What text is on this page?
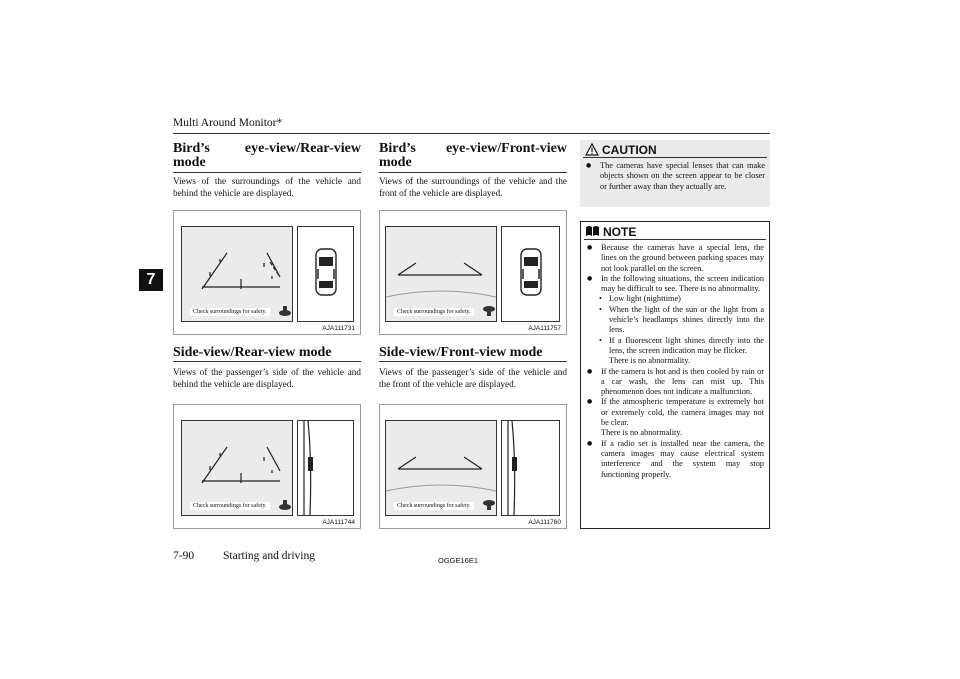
Multi Around Monitor*
7
Bird’s	eye-view/Rear-view
mode
Views of the surroundings of the vehicle and behind the vehicle are displayed.
Check surroundings for safety.
AJA111731
Bird’s eye-view/Front-view
mode
Views of the surroundings of the vehicle and the front of the vehicle are displayed.
Check surroundings for safety.
AJA111757
Side-view/Rear-view mode
Views of the passenger’s side of the vehicle and behind the vehicle are displayed.
Check surroundings for safety.
AJA111744
Side-view/Front-view mode
Views of the passenger’s side of the vehicle and the front of the vehicle are displayed.
Check surroundings for safety.
AJA111760
CAUTION
●	The cameras have special lenses that can make objects shown on the screen appear to be closer or further away than they actually are.
NOTE
●	Because the cameras have a special lens, the lines on the ground between parking spaces may not look parallel on the screen.
●	In the following situations, the screen indication may be difficult to see. There is no abnormality.
• Low light (nighttime)
• When the light of the sun or the light from a vehicle’s headlamps shines directly into the lens.
• If a fluorescent light shines directly into the lens, the screen indication may be flicker.
There is no abnormality.
●	If the camera is hot and is then cooled by rain or a car wash, the lens can mist up. This phenomenon does not indicate a malfunction.
●	If the atmospheric temperature is extremely hot or extremely cold, the camera images may not be clear.
There is no abnormality.
●	If a radio set is installed near the camera, the camera images may cause electrical system interference and the system may stop functioning properly.
7-90	Starting and driving	OGGE16E1
